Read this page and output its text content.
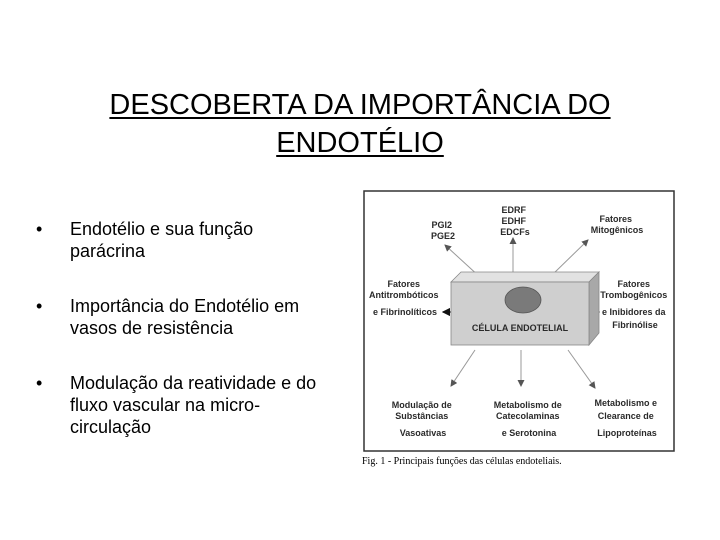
DESCOBERTA DA IMPORTÂNCIA DO
ENDOTÉLIO
• Endotélio e sua função
parácrina
• Importância do Endotélio em
vasos de resistência
• Modulação da reatividade e do
fluxo vascular na micro-
circulação
CÉLULA ENDOTELIAL
EDRF EDHF EDCFs
PGI2 PGE2
Fatores Mitogênicos
Fatores Antitrombóticos e Fibrinolíticos
Fatores Trombogênicos e Inibidores da Fibrinólise
Modulação de Substâncias Vasoativas
Metabolismo de Catecolaminas e Serotonina
Metabolismo e Clearance de Lipoproteínas
Fig. 1 - Principais funções das células endoteliais.
